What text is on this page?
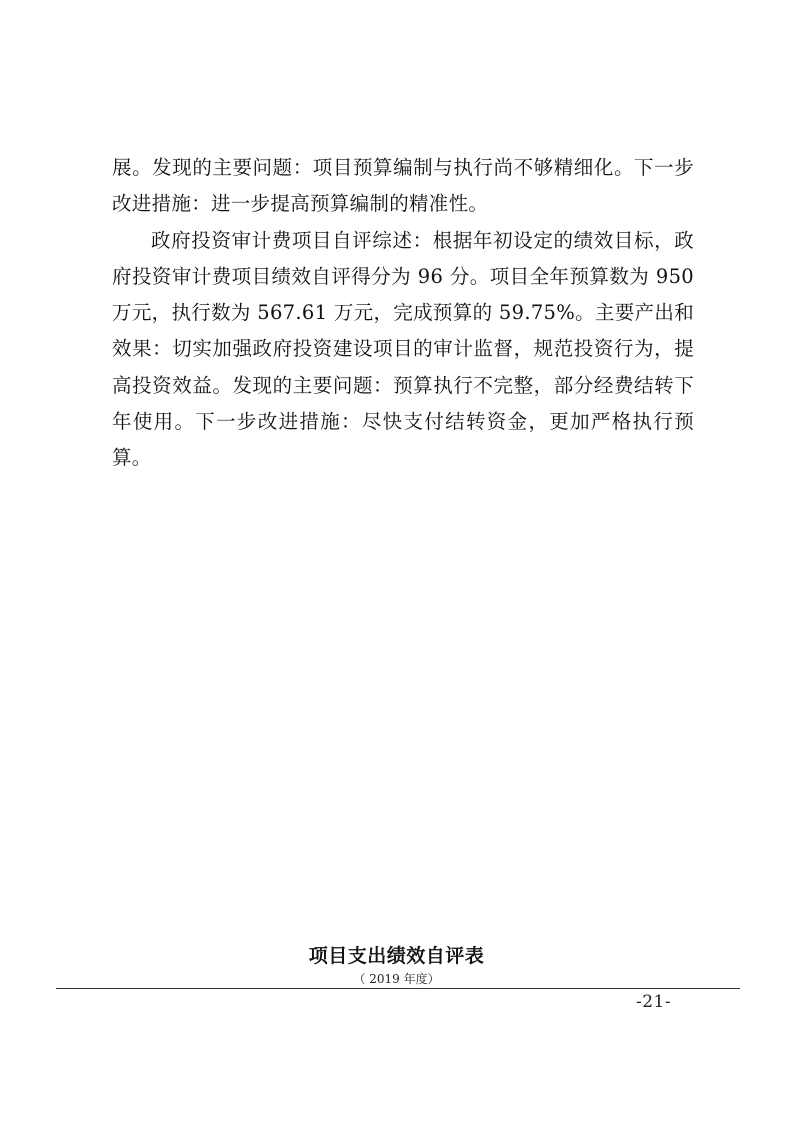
展。发现的主要问题：项目预算编制与执行尚不够精细化。下一步改进措施：进一步提高预算编制的精准性。

政府投资审计费项目自评综述：根据年初设定的绩效目标，政府投资审计费项目绩效自评得分为 96 分。项目全年预算数为 950 万元，执行数为 567.61 万元，完成预算的 59.75%。主要产出和效果：切实加强政府投资建设项目的审计监督，规范投资行为，提高投资效益。发现的主要问题：预算执行不完整，部分经费结转下年使用。下一步改进措施：尽快支付结转资金，更加严格执行预算。

项目支出绩效自评表
（ 2019 年度）
-21-
